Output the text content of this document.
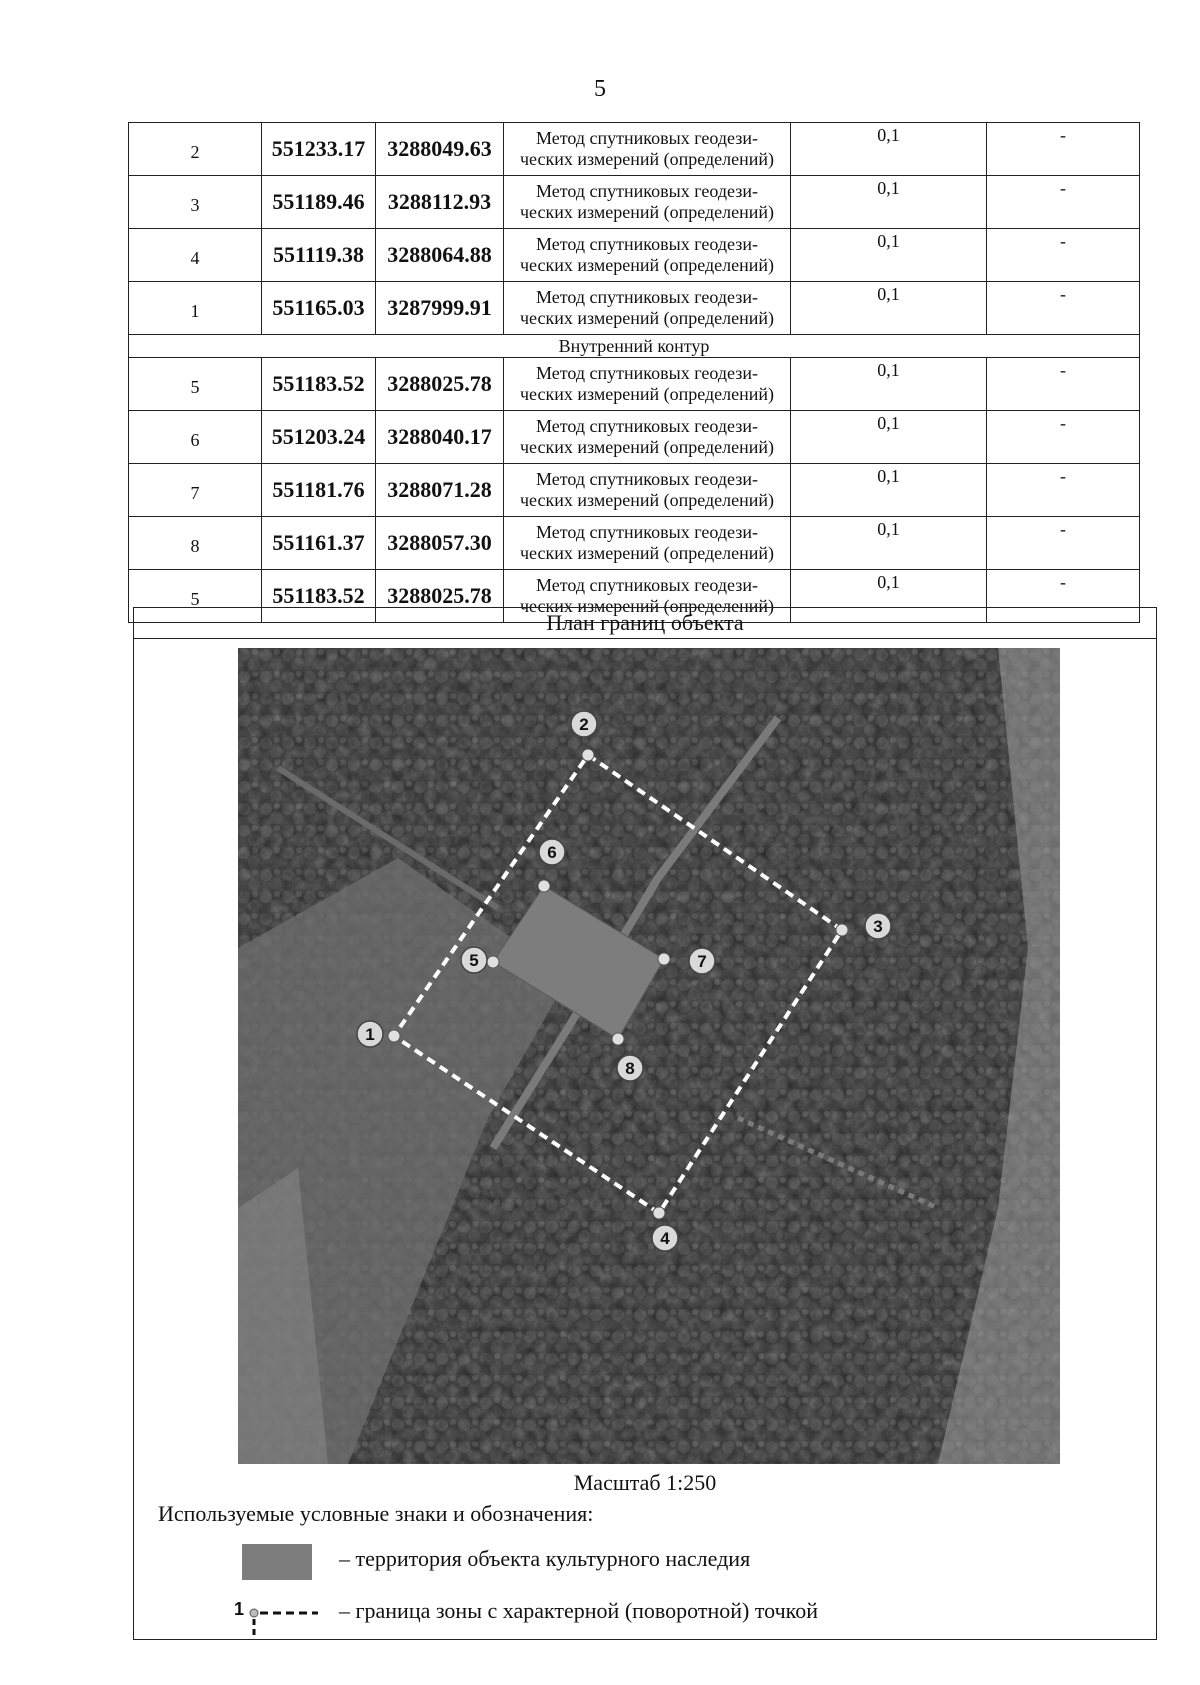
5
2	551233.17	3288049.63	Метод спутниковых геодези-
ческих измерений (определений)	0,1	-
3	551189.46	3288112.93	Метод спутниковых геодези-
ческих измерений (определений)	0,1	-
4	551119.38	3288064.88	Метод спутниковых геодези-
ческих измерений (определений)	0,1	-
1	551165.03	3287999.91	Метод спутниковых геодези-
ческих измерений (определений)	0,1	-
Внутренний контур					
5	551183.52	3288025.78	Метод спутниковых геодези-
ческих измерений (определений)	0,1	-
6	551203.24	3288040.17	Метод спутниковых геодези-
ческих измерений (определений)	0,1	-
7	551181.76	3288071.28	Метод спутниковых геодези-
ческих измерений (определений)	0,1	-
8	551161.37	3288057.30	Метод спутниковых геодези-
ческих измерений (определений)	0,1	-
5	551183.52	3288025.78	Метод спутниковых геодези-
ческих измерений (определений)	0,1	-
План границ объекта
2
3
4
1
6
7
8
5
Масштаб 1:250
Используемые условные знаки и обозначения:
– территория объекта культурного наследия
1	– граница зоны с характерной (поворотной) точкой
